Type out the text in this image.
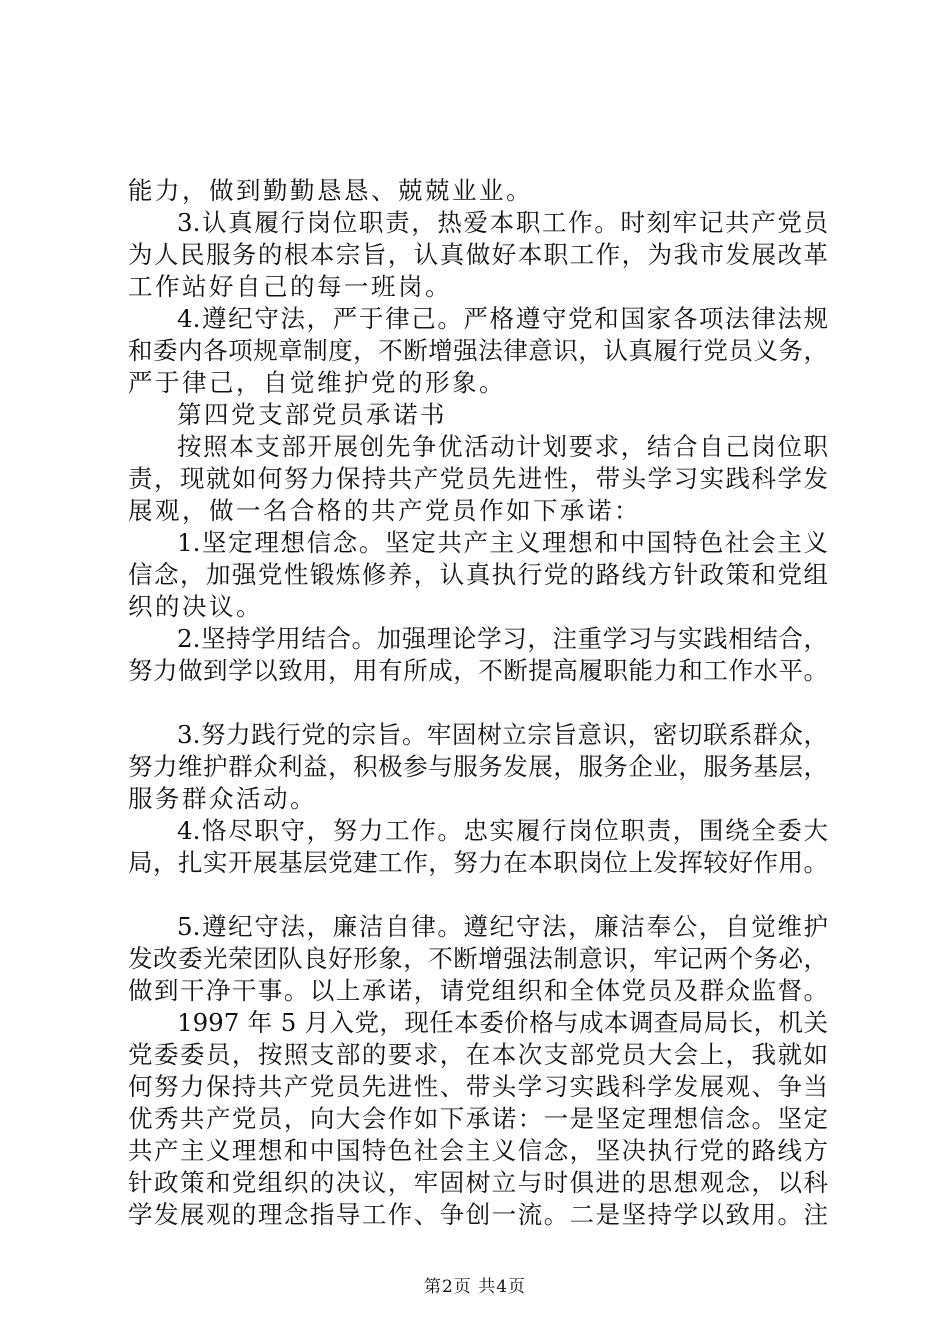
能力，做到勤勤恳恳、兢兢业业。
3.认真履行岗位职责，热爱本职工作。时刻牢记共产党员
为人民服务的根本宗旨，认真做好本职工作，为我市发展改革
工作站好自己的每一班岗。
4.遵纪守法，严于律己。严格遵守党和国家各项法律法规
和委内各项规章制度，不断增强法律意识，认真履行党员义务，
严于律己，自觉维护党的形象。
第四党支部党员承诺书
按照本支部开展创先争优活动计划要求，结合自己岗位职
责，现就如何努力保持共产党员先进性，带头学习实践科学发
展观，做一名合格的共产党员作如下承诺：
1.坚定理想信念。坚定共产主义理想和中国特色社会主义
信念，加强党性锻炼修养，认真执行党的路线方针政策和党组
织的决议。
2.坚持学用结合。加强理论学习，注重学习与实践相结合，
努力做到学以致用，用有所成，不断提高履职能力和工作水平。
3.努力践行党的宗旨。牢固树立宗旨意识，密切联系群众，
努力维护群众利益，积极参与服务发展，服务企业，服务基层，
服务群众活动。
4.恪尽职守，努力工作。忠实履行岗位职责，围绕全委大
局，扎实开展基层党建工作，努力在本职岗位上发挥较好作用。
5.遵纪守法，廉洁自律。遵纪守法，廉洁奉公，自觉维护
发改委光荣团队良好形象，不断增强法制意识，牢记两个务必，
做到干净干事。以上承诺，请党组织和全体党员及群众监督。
1997 年 5 月入党，现任本委价格与成本调查局局长，机关
党委委员，按照支部的要求，在本次支部党员大会上，我就如
何努力保持共产党员先进性、带头学习实践科学发展观、争当
优秀共产党员，向大会作如下承诺：一是坚定理想信念。坚定
共产主义理想和中国特色社会主义信念，坚决执行党的路线方
针政策和党组织的决议，牢固树立与时俱进的思想观念，以科
学发展观的理念指导工作、争创一流。二是坚持学以致用。注
第2页 共4页
